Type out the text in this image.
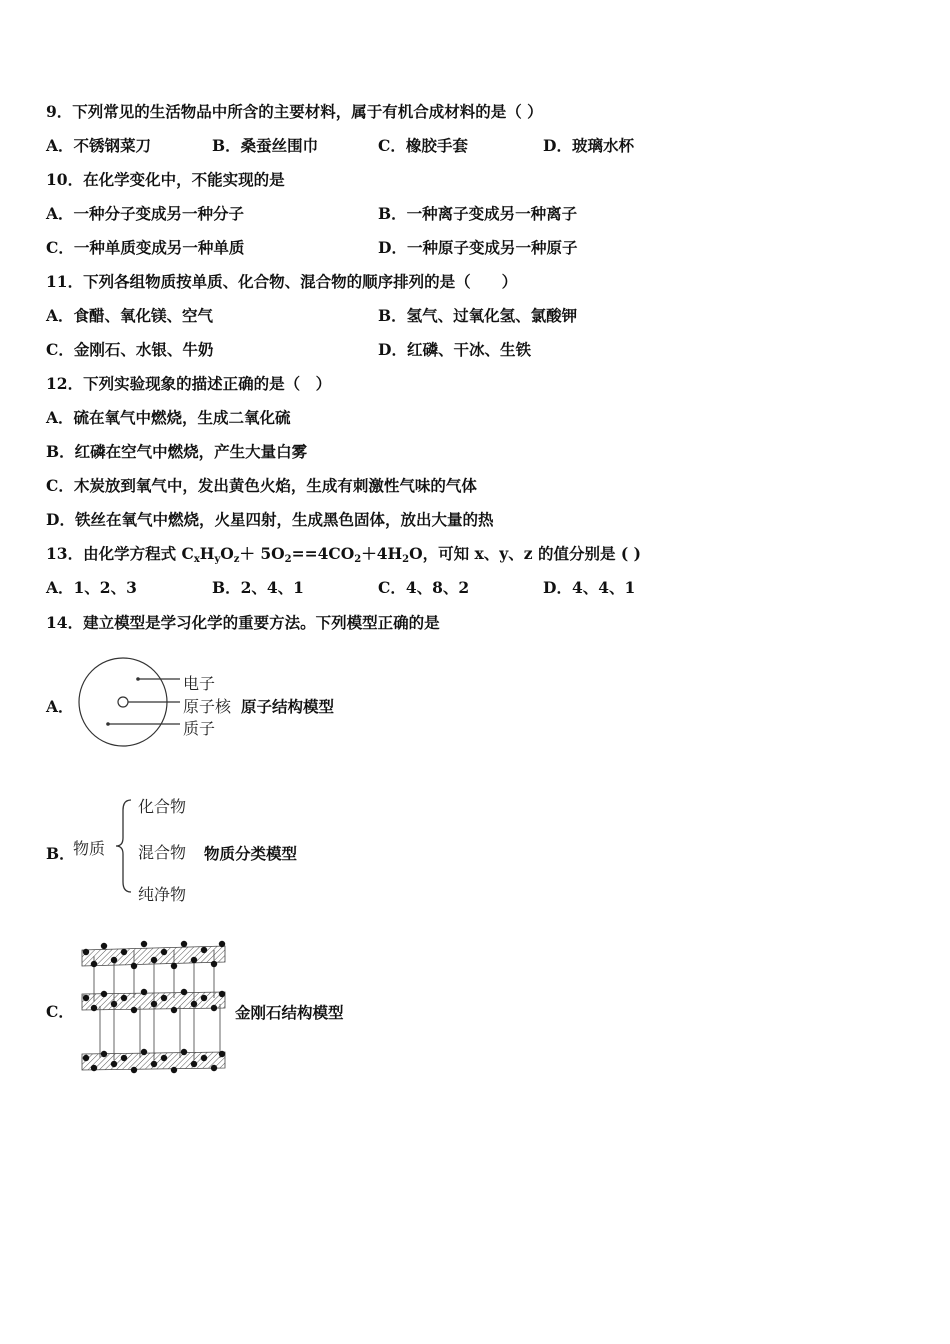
9．下列常见的生活物品中所含的主要材料，属于有机合成材料的是（ ）
A．不锈钢菜刀	B．桑蚕丝围巾	C．橡胶手套	D．玻璃水杯
10．在化学变化中，不能实现的是
A．一种分子变成另一种分子	B．一种离子变成另一种离子
C．一种单质变成另一种单质	D．一种原子变成另一种原子
11．下列各组物质按单质、化合物、混合物的顺序排列的是（　　）
A．食醋、氧化镁、空气	B．氢气、过氧化氢、氯酸钾
C．金刚石、水银、牛奶	D．红磷、干冰、生铁
12．下列实验现象的描述正确的是（　）
A．硫在氧气中燃烧，生成二氧化硫
B．红磷在空气中燃烧，产生大量白雾
C．木炭放到氧气中，发出黄色火焰，生成有刺激性气味的气体
D．铁丝在氧气中燃烧，火星四射，生成黑色固体，放出大量的热
13．由化学方程式 $C_xH_yO_z+ 5O_2==4CO_2+4H_2O$，可知 x、y、z 的值分别是 ( )
A．1、2、3	B．2、4、1	C．4、8、2	D．4、4、1
14．建立模型是学习化学的重要方法。下列模型正确的是
A．
电子
原子核
质子
原子结构模型
B．
物质
化合物
混合物
纯净物
物质分类模型
C．	金刚石结构模型
